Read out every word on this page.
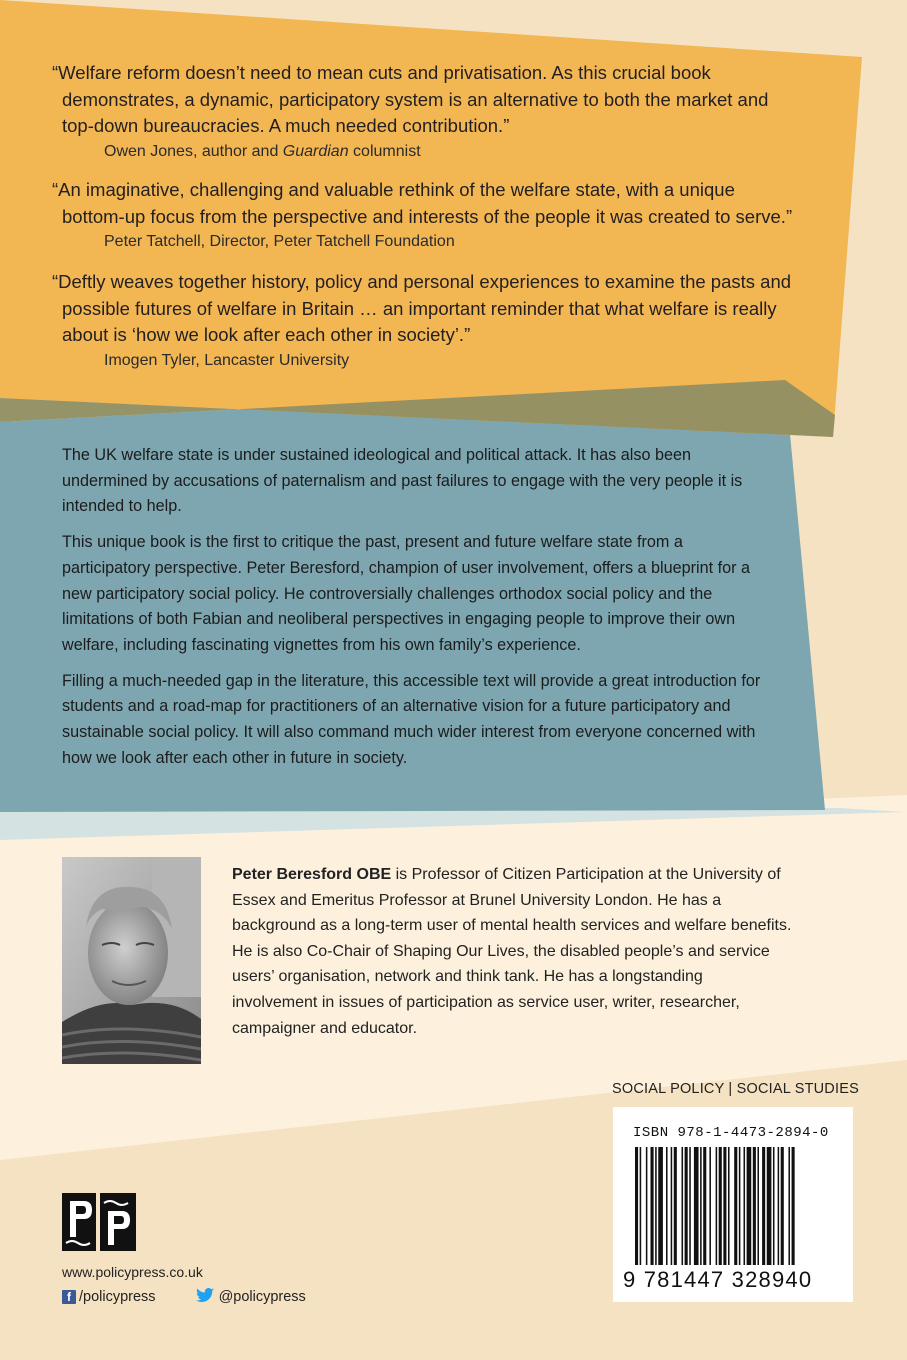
“Welfare reform doesn’t need to mean cuts and privatisation. As this crucial book demonstrates, a dynamic, participatory system is an alternative to both the market and top-down bureaucracies. A much needed contribution.”
Owen Jones, author and Guardian columnist
“An imaginative, challenging and valuable rethink of the welfare state, with a unique bottom-up focus from the perspective and interests of the people it was created to serve.”
Peter Tatchell, Director, Peter Tatchell Foundation
“Deftly weaves together history, policy and personal experiences to examine the pasts and possible futures of welfare in Britain … an important reminder that what welfare is really about is ‘how we look after each other in society’.”
Imogen Tyler, Lancaster University

The UK welfare state is under sustained ideological and political attack. It has also been undermined by accusations of paternalism and past failures to engage with the very people it is intended to help.

This unique book is the first to critique the past, present and future welfare state from a participatory perspective. Peter Beresford, champion of user involvement, offers a blueprint for a new participatory social policy. He controversially challenges orthodox social policy and the limitations of both Fabian and neoliberal perspectives in engaging people to improve their own welfare, including fascinating vignettes from his own family’s experience.

Filling a much-needed gap in the literature, this accessible text will provide a great introduction for students and a road-map for practitioners of an alternative vision for a future participatory and sustainable social policy. It will also command much wider interest from everyone concerned with how we look after each other in future in society.

Peter Beresford OBE is Professor of Citizen Participation at the University of Essex and Emeritus Professor at Brunel University London. He has a background as a long-term user of mental health services and welfare benefits. He is also Co-Chair of Shaping Our Lives, the disabled people’s and service users’ organisation, network and think tank. He has a longstanding involvement in issues of participation as service user, writer, researcher, campaigner and educator.
SOCIAL POLICY | SOCIAL STUDIES
ISBN 978-1-4473-2894-0
9 781447 328940
www.policypress.co.uk
f /policypress	@policypress
